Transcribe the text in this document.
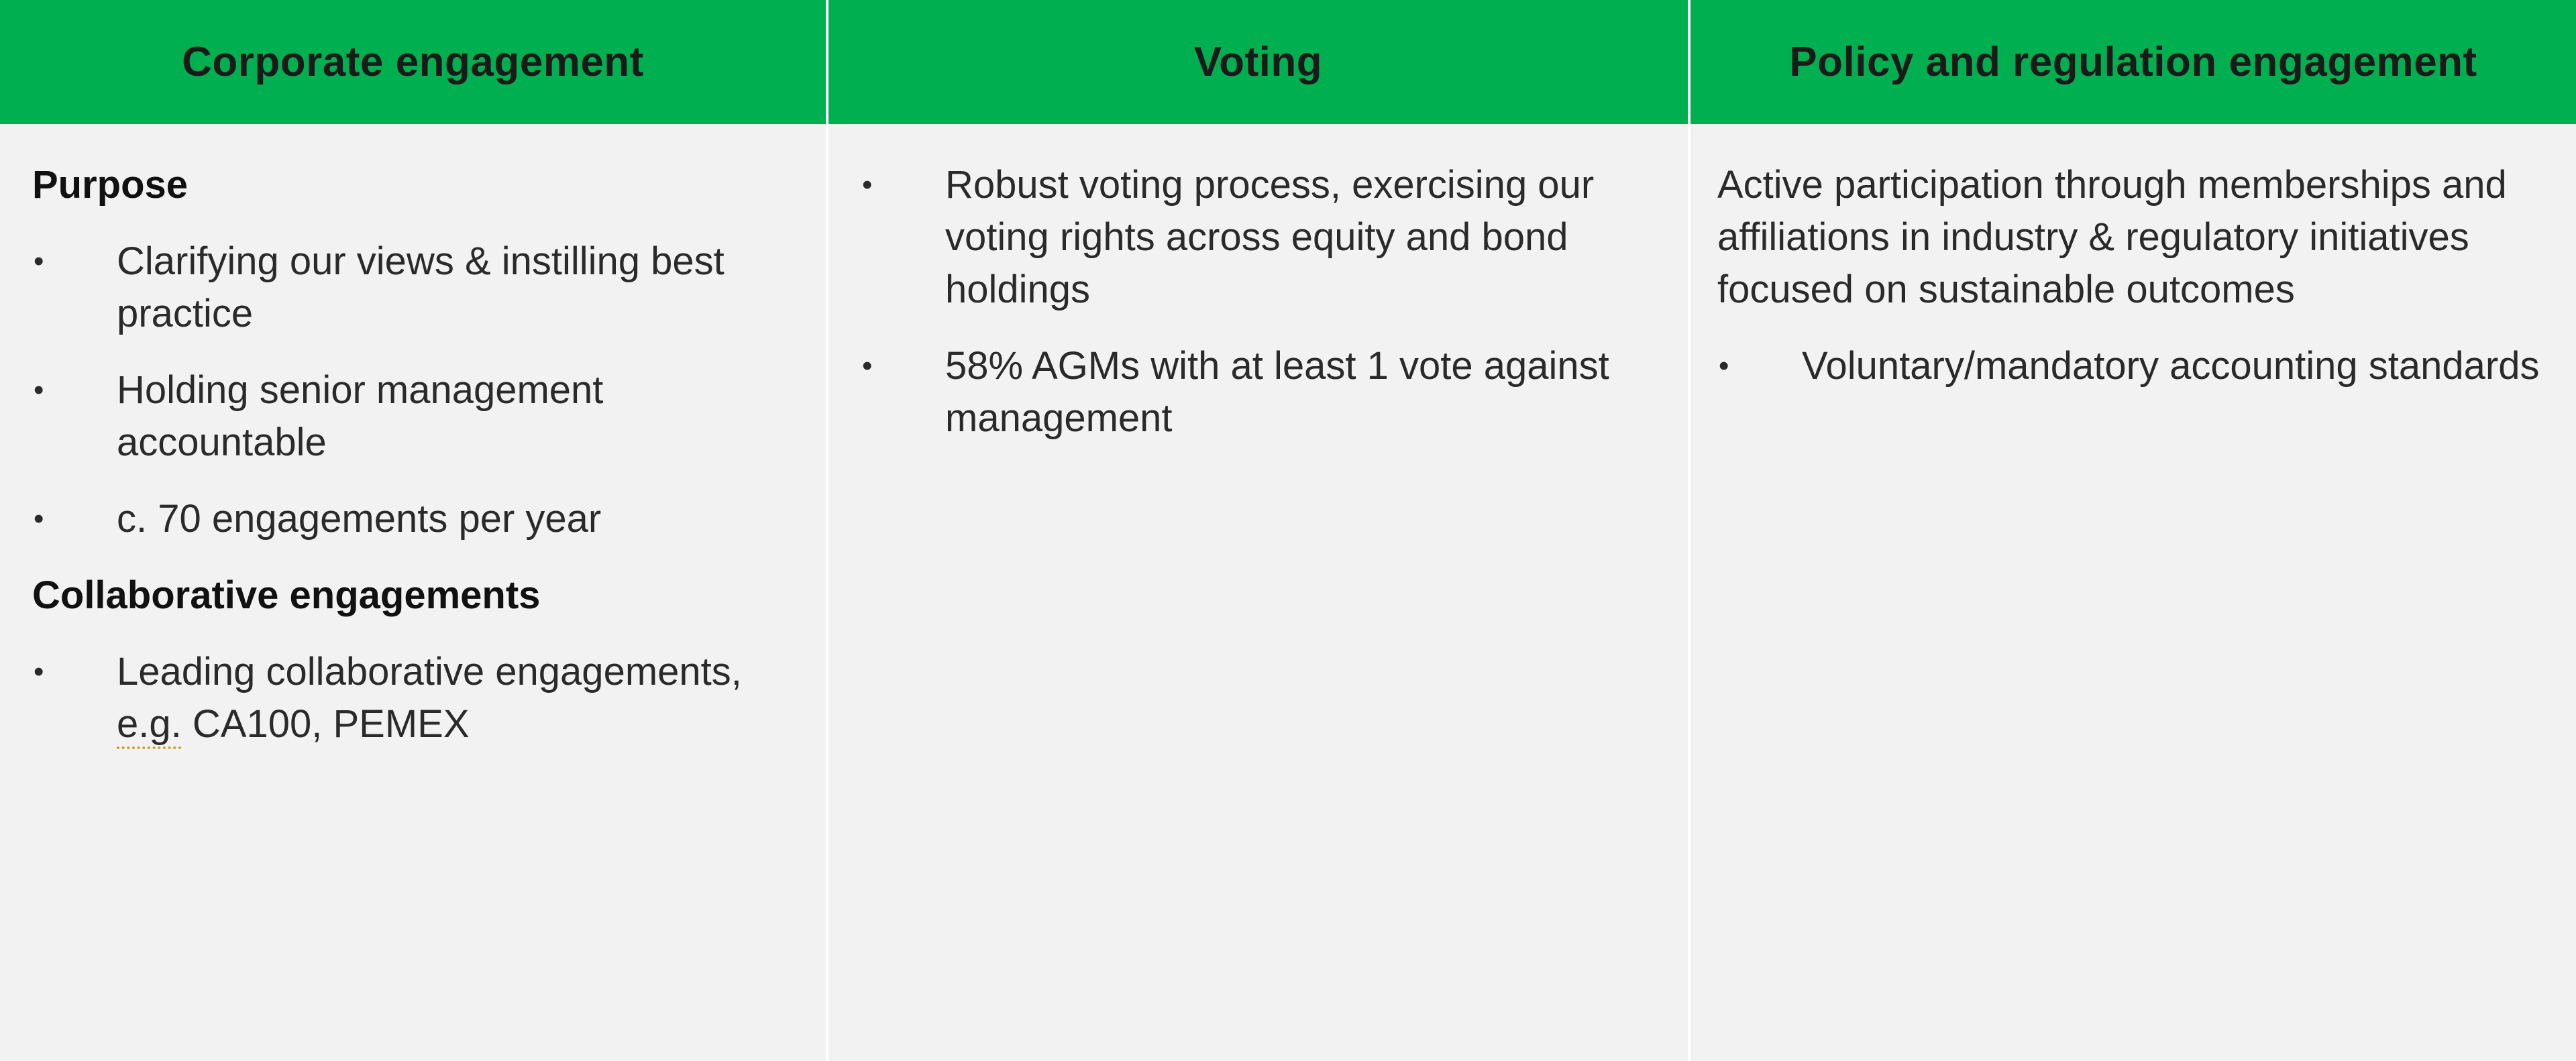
Corporate engagement	Voting	Policy and regulation engagement
Purpose
• Clarifying our views & instilling best practice
• Holding senior management accountable
• c. 70 engagements per year
Collaborative engagements
• Leading collaborative engagements,
e.g. CA100, PEMEX
• Robust voting process, exercising our voting rights across equity and bond holdings
• 58% AGMs with at least 1 vote against management
Active participation through memberships and affiliations in industry & regulatory initiatives focused on sustainable outcomes
• Voluntary/mandatory accounting standards
